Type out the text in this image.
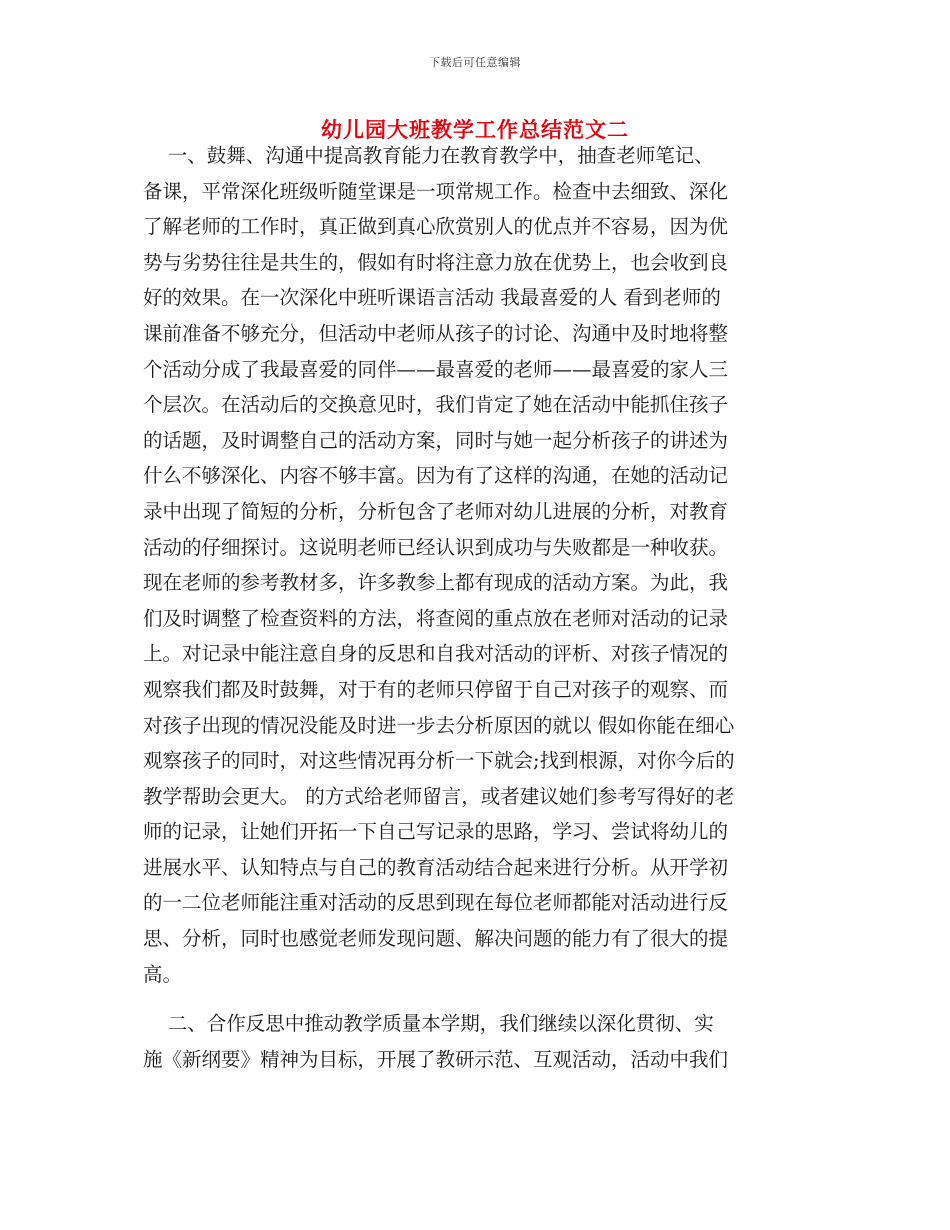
下载后可任意编辑
幼儿园大班教学工作总结范文二
一、鼓舞、沟通中提高教育能力在教育教学中，抽查老师笔记、
备课，平常深化班级听随堂课是一项常规工作。检查中去细致、深化
了解老师的工作时，真正做到真心欣赏别人的优点并不容易，因为优
势与劣势往往是共生的，假如有时将注意力放在优势上，也会收到良
好的效果。在一次深化中班听课语言活动 我最喜爱的人 看到老师的
课前准备不够充分，但活动中老师从孩子的讨论、沟通中及时地将整
个活动分成了我最喜爱的同伴——最喜爱的老师——最喜爱的家人三
个层次。在活动后的交换意见时，我们肯定了她在活动中能抓住孩子
的话题，及时调整自己的活动方案，同时与她一起分析孩子的讲述为
什么不够深化、内容不够丰富。因为有了这样的沟通，在她的活动记
录中出现了简短的分析，分析包含了老师对幼儿进展的分析，对教育
活动的仔细探讨。这说明老师已经认识到成功与失败都是一种收获。
现在老师的参考教材多，许多教参上都有现成的活动方案。为此，我
们及时调整了检查资料的方法，将查阅的重点放在老师对活动的记录
上。对记录中能注意自身的反思和自我对活动的评析、对孩子情况的
观察我们都及时鼓舞，对于有的老师只停留于自己对孩子的观察、而
对孩子出现的情况没能及时进一步去分析原因的就以 假如你能在细心
观察孩子的同时，对这些情况再分析一下就会;找到根源，对你今后的
教学帮助会更大。 的方式给老师留言，或者建议她们参考写得好的老
师的记录，让她们开拓一下自己写记录的思路，学习、尝试将幼儿的
进展水平、认知特点与自己的教育活动结合起来进行分析。从开学初
的一二位老师能注重对活动的反思到现在每位老师都能对活动进行反
思、分析，同时也感觉老师发现问题、解决问题的能力有了很大的提
高。
二、合作反思中推动教学质量本学期，我们继续以深化贯彻、实
施《新纲要》精神为目标，开展了教研示范、互观活动，活动中我们
